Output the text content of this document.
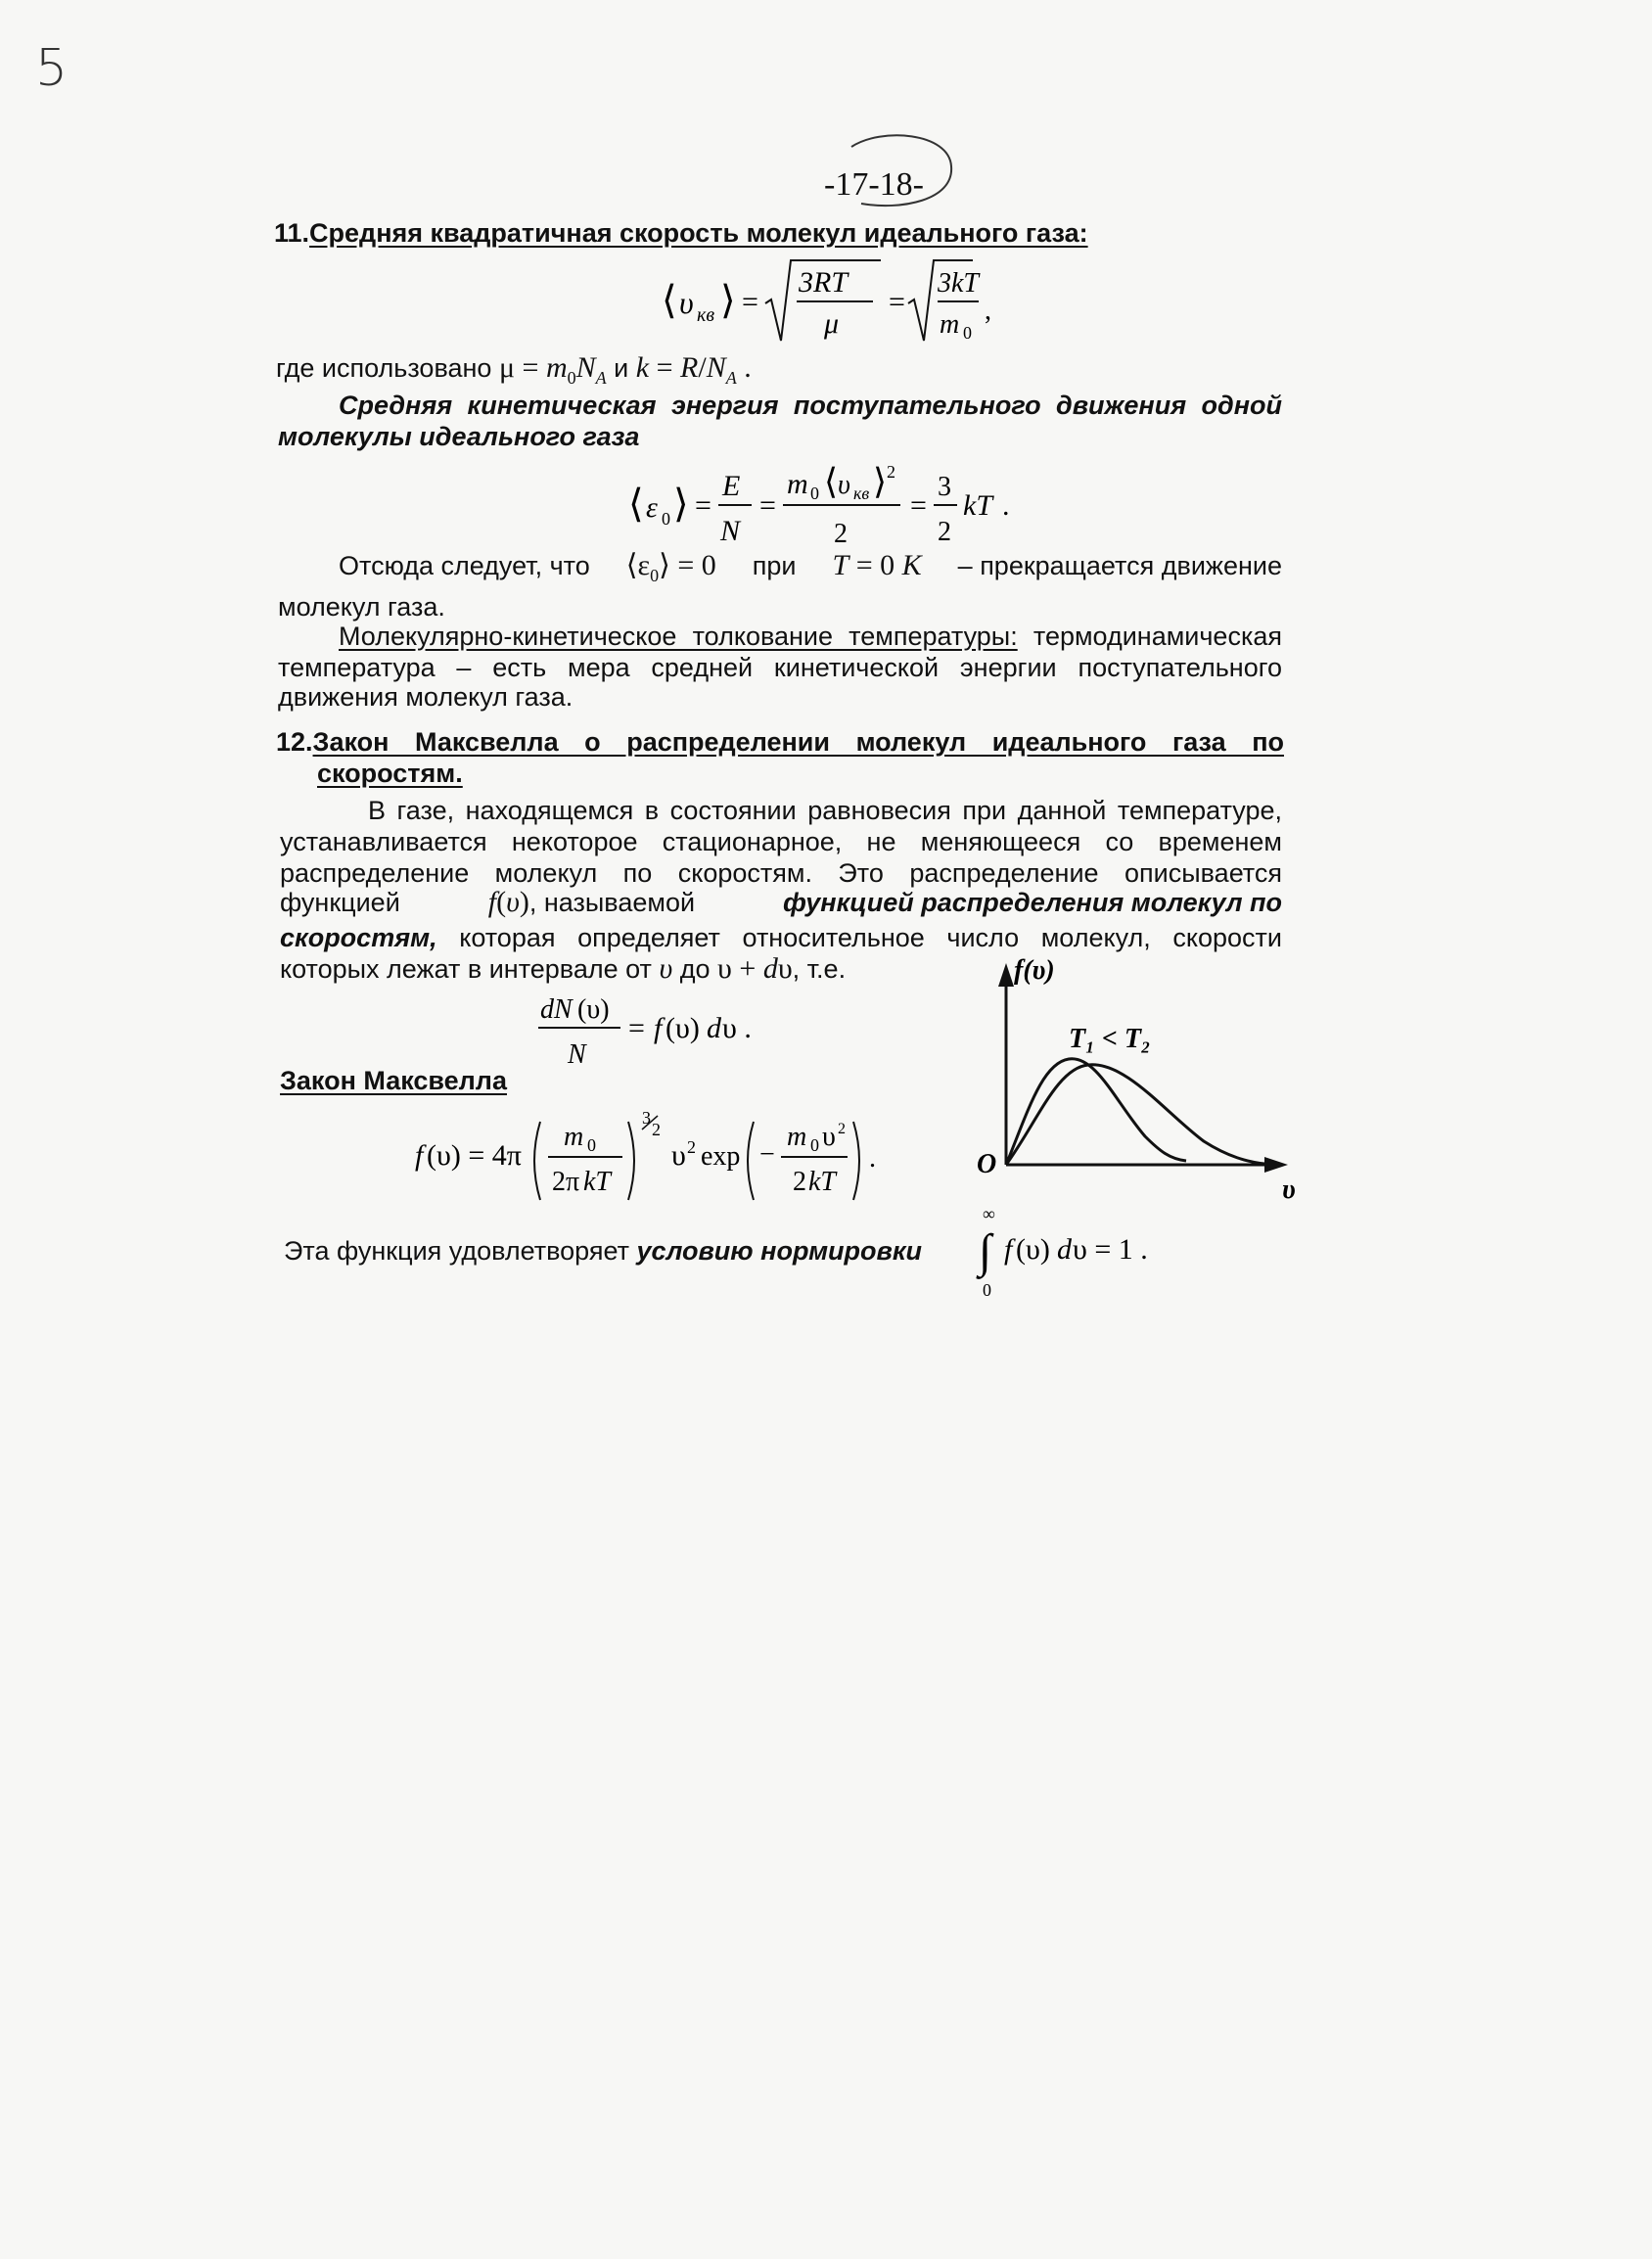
5
-17-18-
11.Средняя квадратичная скорость молекул идеального газа:
⟨ υ кв ⟩ =
3RT
μ
=
3kT
m 0
,
где использовано $\mu = m_0N_A$ и $k = R/N_A$ .
Средняя кинетическая энергия поступательного движения одной
молекулы идеального газа
⟨ ε 0 ⟩ =
E
N
=
m 0 ⟨ υ кв ⟩ 2
2
=
3
2
kT .
Отсюда следует, что $⟨\varepsilon_0⟩ = 0$ при T = 0 K – прекращается движение
молекул газа.
Молекулярно-кинетическое толкование температуры: термодинамическая
температура – есть мера средней кинетической энергии поступательного
движения молекул газа.
12.Закон Максвелла о распределении молекул идеального газа по
скоростям.
В газе, находящемся в состоянии равновесия при данной температуре,
устанавливается некоторое стационарное, не меняющееся со временем
распределение молекул по скоростям. Это распределение описывается
функцией	f(υ), называемой	функцией распределения молекул по
скоростям, которая определяет относительное число молекул, скорости
которых лежат в интервале от υ до υ + dυ, т.е.
dN (υ)
N
= f (υ) d υ .
Закон Максвелла
f (υ) = 4π
m 0
2π kT
3
2
υ 2 exp −
m 0 υ 2
2 kT
.
f(υ)
T₁ < T₂
O
υ
Эта функция удовлетворяет условию нормировки
∞
∫
0
f (υ) d υ = 1 .
